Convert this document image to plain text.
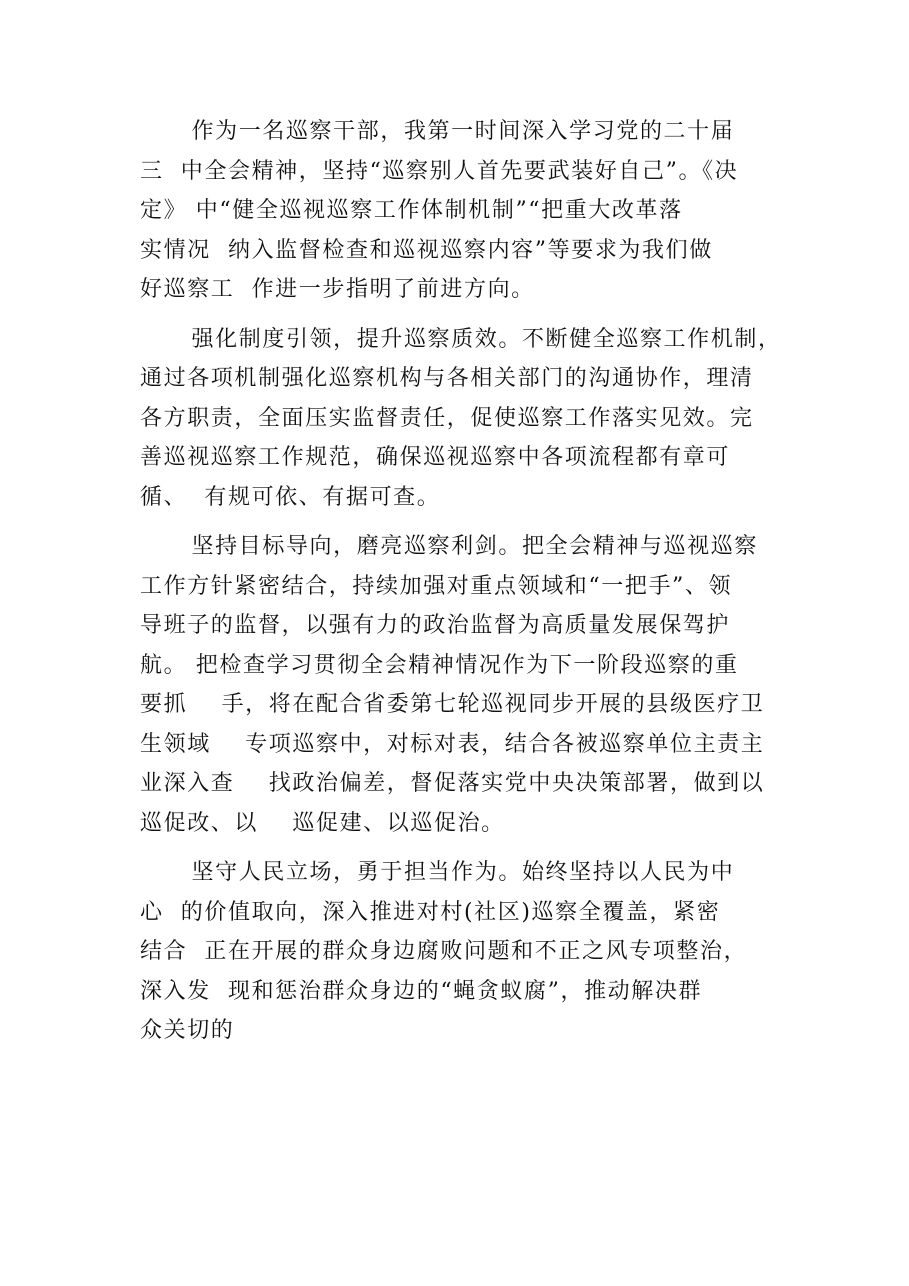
作为一名巡察干部，我第一时间深入学习党的二十届
三  中全会精神，坚持“巡察别人首先要武装好自己”。《决
定》 中“健全巡视巡察工作体制机制”“把重大改革落
实情况  纳入监督检查和巡视巡察内容”等要求为我们做
好巡察工  作进一步指明了前进方向。
强化制度引领，提升巡察质效。不断健全巡察工作机制，
通过各项机制强化巡察机构与各相关部门的沟通协作，理清
各方职责，全面压实监督责任，促使巡察工作落实见效。完
善巡视巡察工作规范，确保巡视巡察中各项流程都有章可
循、  有规可依、有据可查。
坚持目标导向，磨亮巡察利剑。把全会精神与巡视巡察
工作方针紧密结合，持续加强对重点领域和“一把手”、领
导班子的监督，以强有力的政治监督为高质量发展保驾护
航。 把检查学习贯彻全会精神情况作为下一阶段巡察的重
要抓    手，将在配合省委第七轮巡视同步开展的县级医疗卫
生领域    专项巡察中，对标对表，结合各被巡察单位主责主
业深入查    找政治偏差，督促落实党中央决策部署，做到以
巡促改、以    巡促建、以巡促治。
坚守人民立场，勇于担当作为。始终坚持以人民为中
心  的价值取向，深入推进对村(社区)巡察全覆盖，紧密
结合  正在开展的群众身边腐败问题和不正之风专项整治，
深入发  现和惩治群众身边的“蝇贪蚁腐”，推动解决群
众关切的
